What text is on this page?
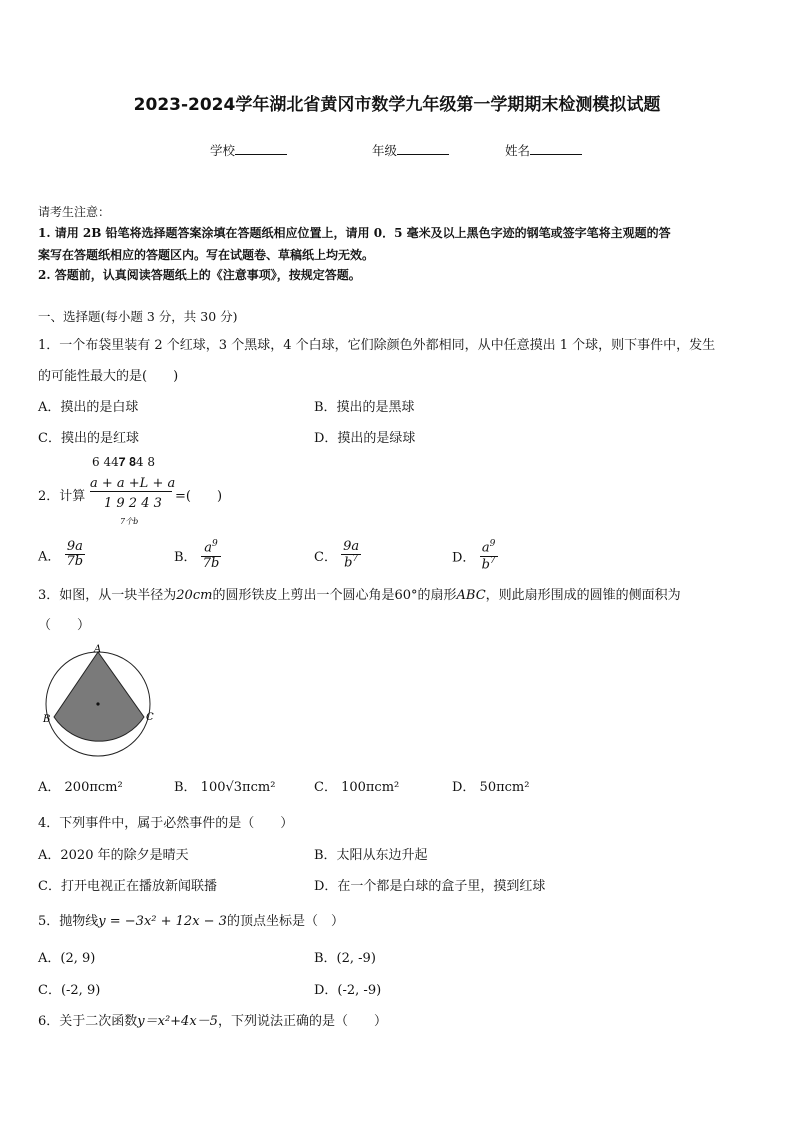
2023-2024学年湖北省黄冈市数学九年级第一学期期末检测模拟试题
学校	年级	姓名
请考生注意：
1. 请用 2B 铅笔将选择题答案涂填在答题纸相应位置上，请用 0．5 毫米及以上黑色字迹的钢笔或签字笔将主观题的答
案写在答题纸相应的答题区内。写在试题卷、草稿纸上均无效。
2. 答题前，认真阅读答题纸上的《注意事项》，按规定答题。
一、选择题(每小题 3 分，共 30 分)
1．一个布袋里装有 2 个红球，3 个黑球，4 个白球，它们除颜色外都相同，从中任意摸出 1 个球，则下事件中，发生
的可能性最大的是(　　)
A．摸出的是白球	B．摸出的是黑球
C．摸出的是红球	D．摸出的是绿球
6 44𝟕 𝟖4 8
2．计算
a + a +L + a
1 9 2 4 3
7个b
=(　　)
A． $\frac{9a}{7b}$	B． $\frac{a^9}{7b}$	C． $\frac{9a}{b^7}$	D． $\frac{a^9}{b^7}$
3．如图，从一块半径为20cm的圆形铁皮上剪出一个圆心角是60°的扇形ABC，则此扇形围成的圆锥的侧面积为
（　　）
A
B	C
A． 200πcm²	B． 100√3πcm²	C． 100πcm²	D． 50πcm²
4．下列事件中，属于必然事件的是（　　）
A．2020 年的除夕是晴天	B．太阳从东边升起
C．打开电视正在播放新闻联播	D．在一个都是白球的盒子里，摸到红球
5．抛物线y = −3x² + 12x − 3的顶点坐标是（　）
A．(2, 9)	B．(2, -9)
C．(-2, 9)	D．(-2, -9)
6．关于二次函数y＝x²+4x－5，下列说法正确的是（　　）
